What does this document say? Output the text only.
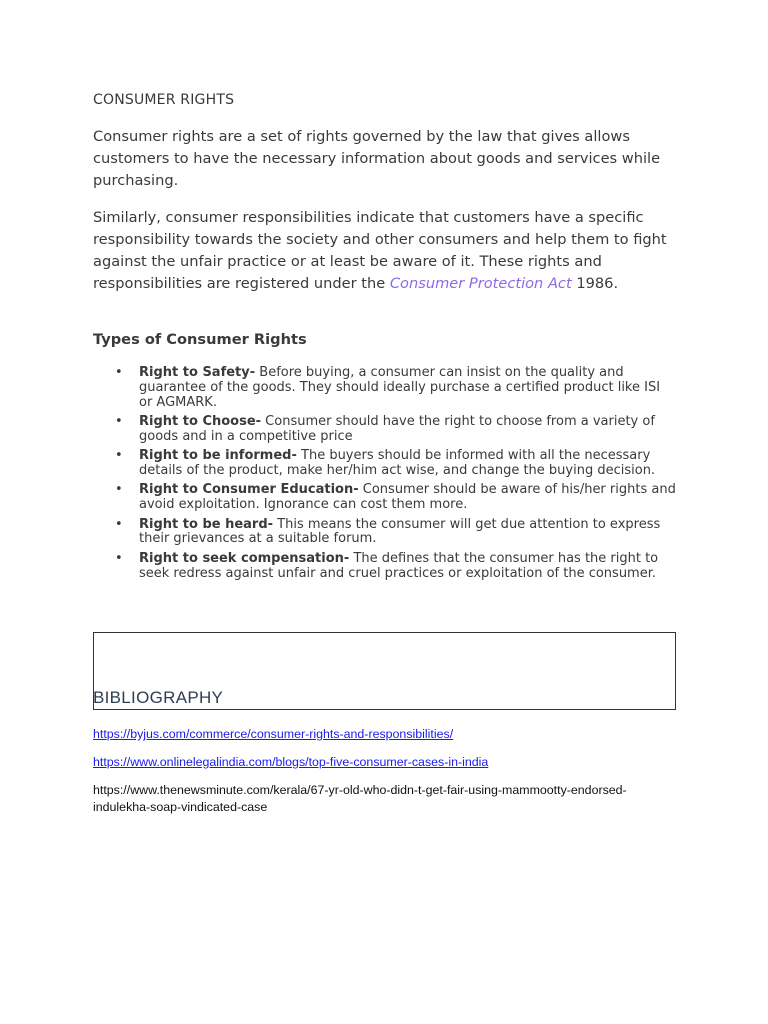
CONSUMER RIGHTS

Consumer rights are a set of rights governed by the law that gives allows customers to have the necessary information about goods and services while purchasing.

Similarly, consumer responsibilities indicate that customers have a specific responsibility towards the society and other consumers and help them to fight against the unfair practice or at least be aware of it. These rights and responsibilities are registered under the Consumer Protection Act 1986.

Types of Consumer Rights
• Right to Safety- Before buying, a consumer can insist on the quality and guarantee of the goods. They should ideally purchase a certified product like ISI or AGMARK.
• Right to Choose- Consumer should have the right to choose from a variety of goods and in a competitive price
• Right to be informed- The buyers should be informed with all the necessary details of the product, make her/him act wise, and change the buying decision.
• Right to Consumer Education- Consumer should be aware of his/her rights and avoid exploitation. Ignorance can cost them more.
• Right to be heard- This means the consumer will get due attention to express their grievances at a suitable forum.
• Right to seek compensation- The defines that the consumer has the right to seek redress against unfair and cruel practices or exploitation of the consumer.
BIBLIOGRAPHY
https://byjus.com/commerce/consumer-rights-and-responsibilities/
https://www.onlinelegalindia.com/blogs/top-five-consumer-cases-in-india
https://www.thenewsminute.com/kerala/67-yr-old-who-didn-t-get-fair-using-mammootty-endorsed-indulekha-soap-vindicated-case
